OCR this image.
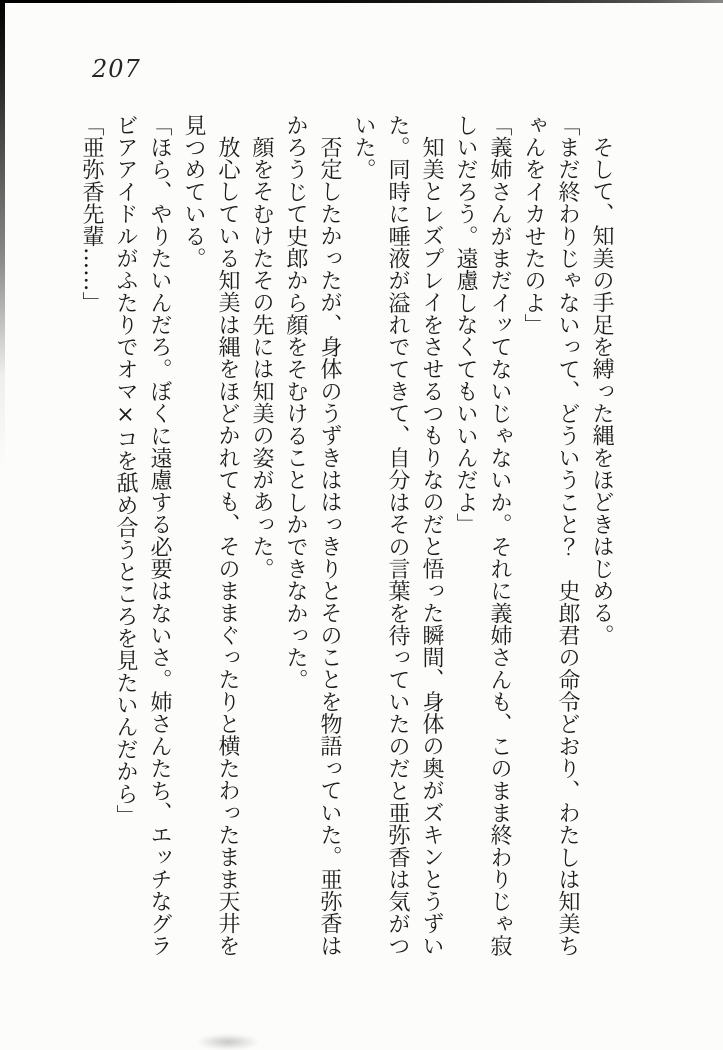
207

そして、知美の手足を縛った縄をほどきはじめる。

「まだ終わりじゃないって、どういうこと？　史郎君の命令どおり、わたしは知美ちゃんをイカせたのよ」

「義姉さんがまだイッてないじゃないか。それに義姉さんも、このまま終わりじゃ寂しいだろう。遠慮しなくてもいいんだよ」

知美とレズプレイをさせるつもりなのだと悟った瞬間、身体の奥がズキンとうずいた。同時に唾液が溢れでてきて、自分はその言葉を待っていたのだと亜弥香は気がついた。

否定したかったが、身体のうずきははっきりとそのことを物語っていた。亜弥香はかろうじて史郎から顔をそむけることしかできなかった。

顔をそむけたその先には知美の姿があった。

放心している知美は縄をほどかれても、そのままぐったりと横たわったまま天井を見つめている。

「ほら、やりたいんだろ。ぼくに遠慮する必要はないさ。姉さんたち、エッチなグラビアアイドルがふたりでオマ×コを舐め合うところを見たいんだから」

「亜弥香先輩……」
